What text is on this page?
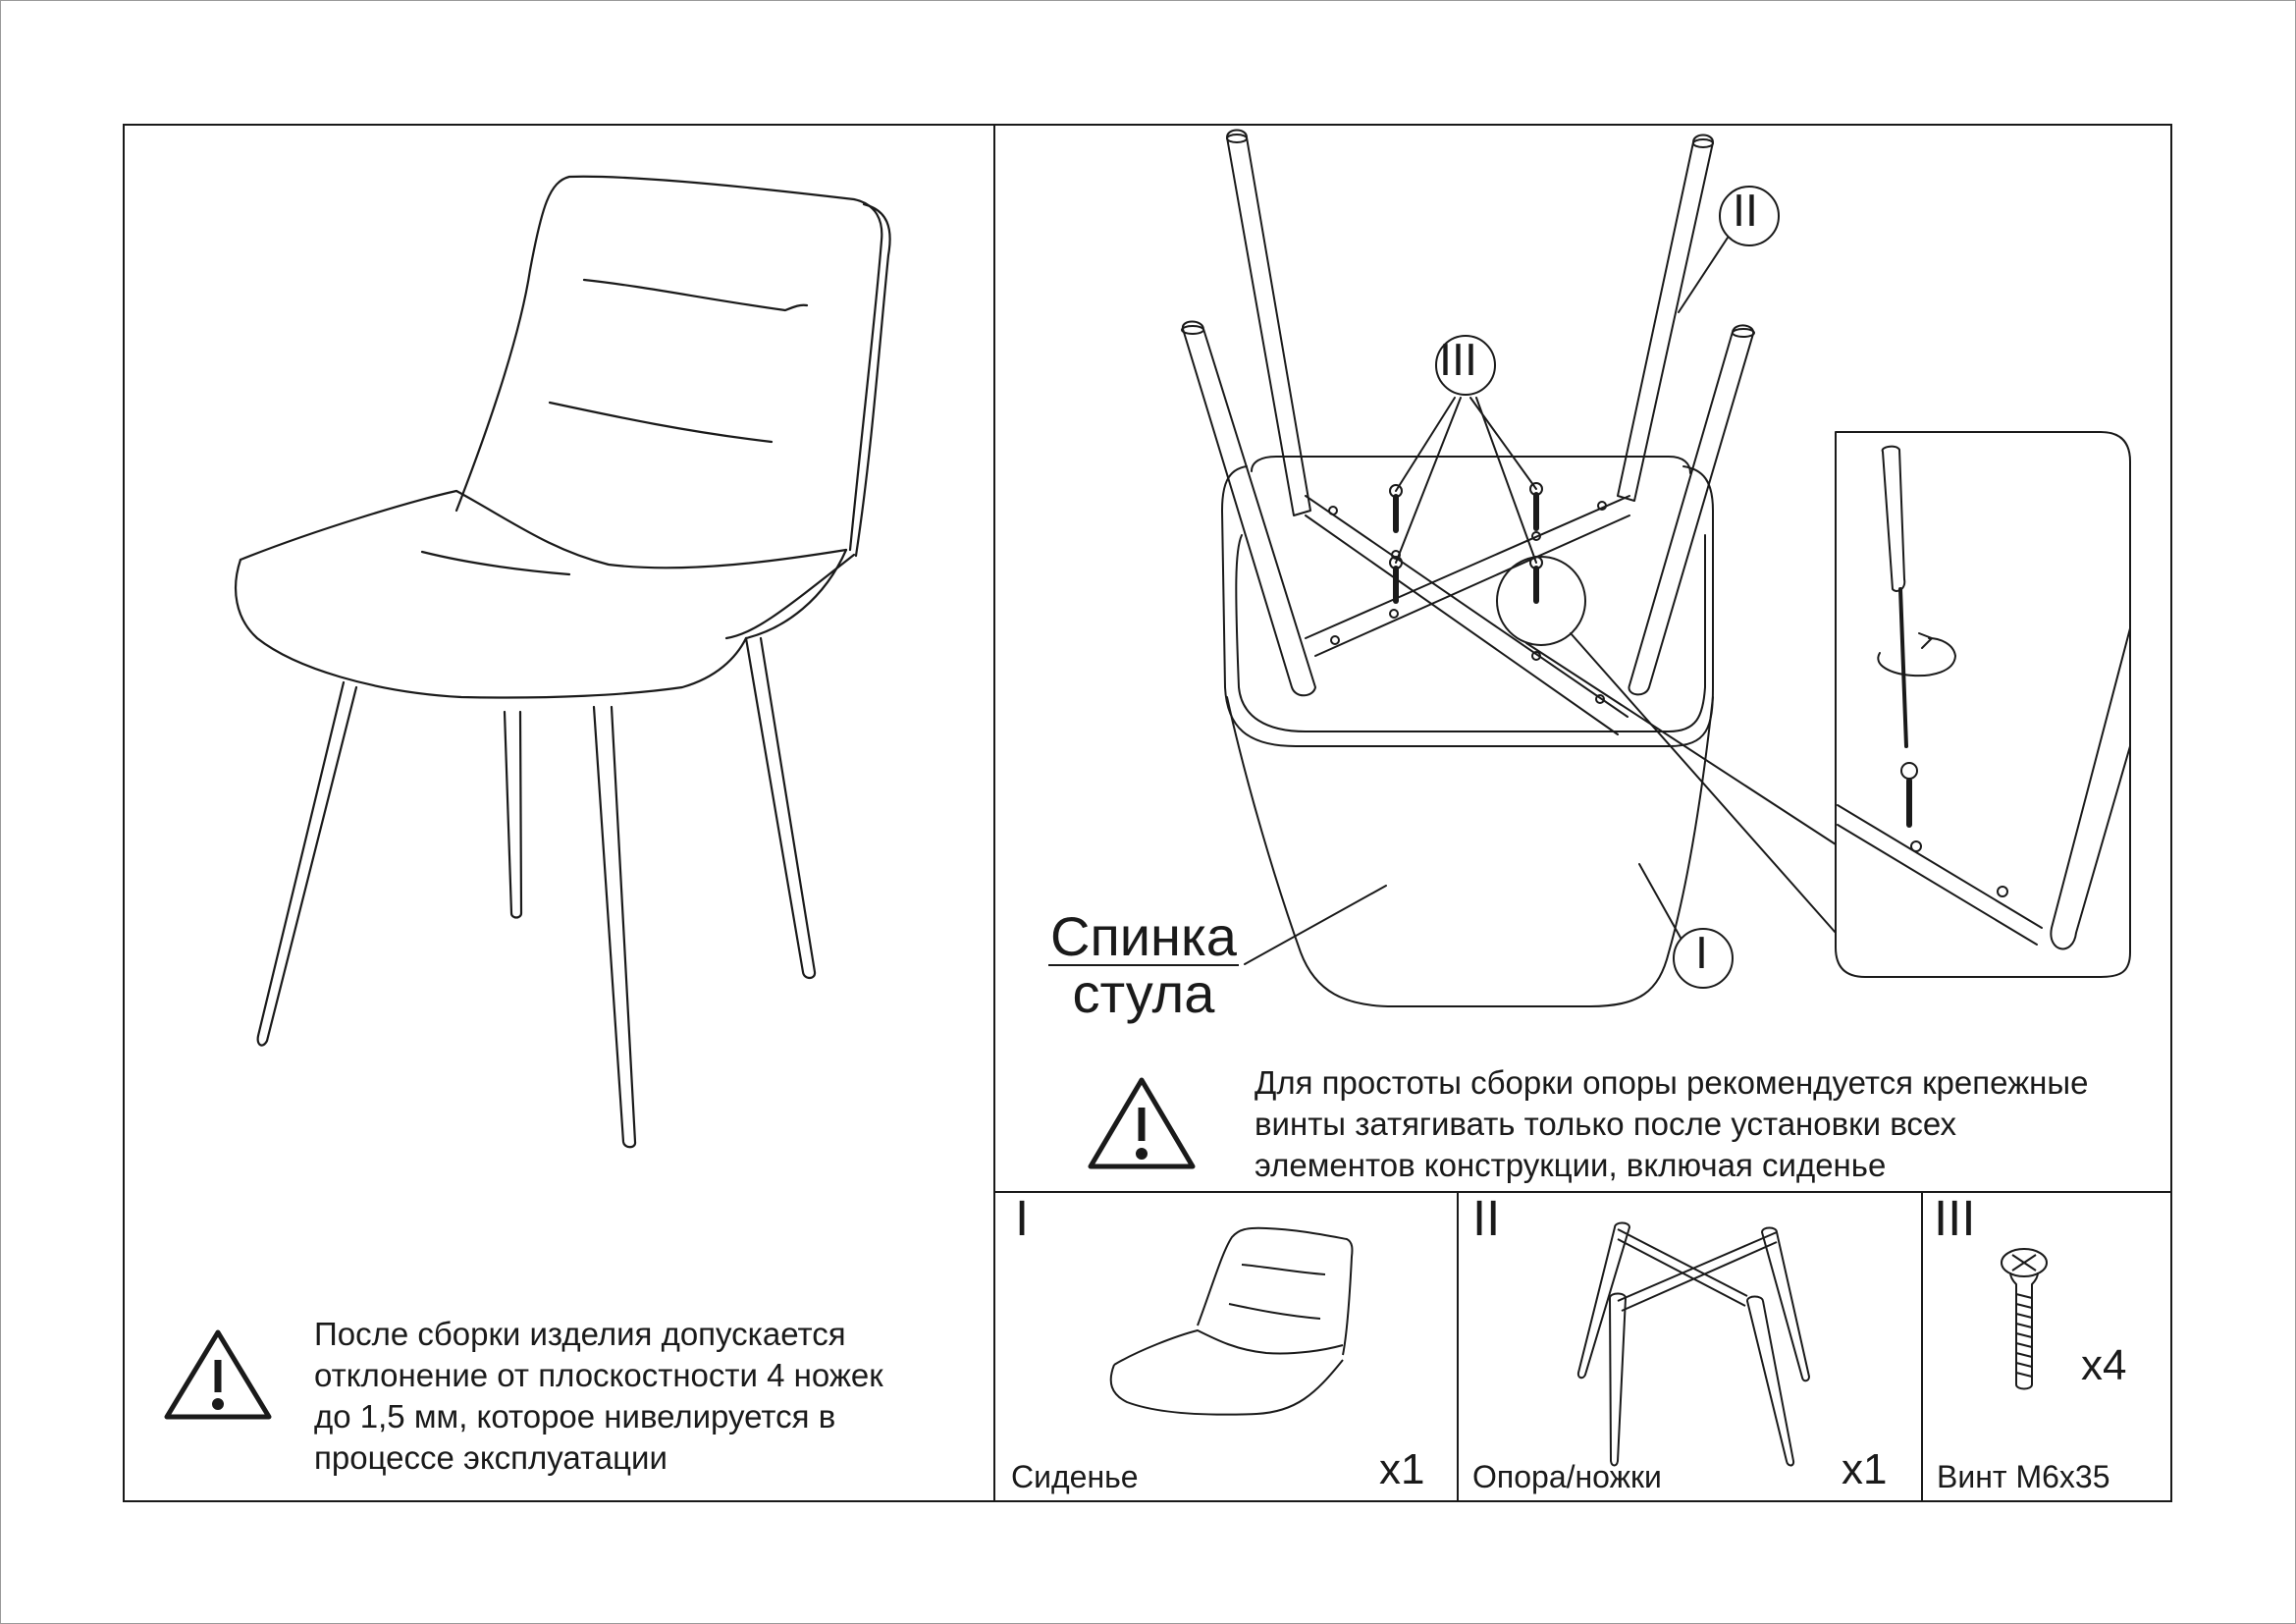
После сборки изделия допускается
отклонение от плоскостности 4 ножек
до 1,5 мм, которое нивелируется в
процессе эксплуатации
III
II
I
Спинка
стула
Для простоты сборки опоры рекомендуется крепежные
винты затягивать только после установки всех
элементов конструкции, включая сиденье
I
Сиденье	x1
II
Опора/ножки	x1
III
Винт М6х35
x4
